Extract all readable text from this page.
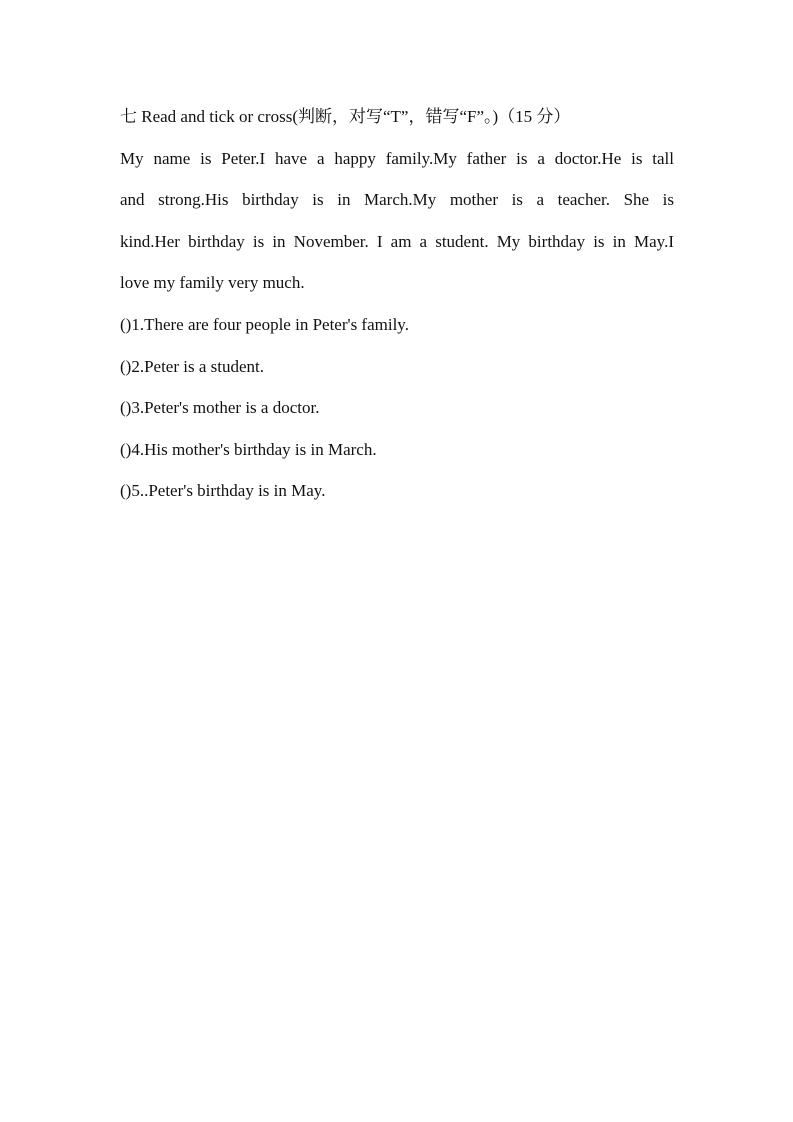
七 Read and tick or cross(判断，对写“T”，错写“F”。)（15 分）
My name is Peter.I have a happy family.My father is a doctor.He is tall
and strong.His birthday is in March.My mother is a teacher. She is
kind.Her birthday is in November. I am a student. My birthday is in May.I
love my family very much.
()1.There are four people in Peter's family.
()2.Peter is a student.
()3.Peter's mother is a doctor.
()4.His mother's birthday is in March.
()5..Peter's birthday is in May.
